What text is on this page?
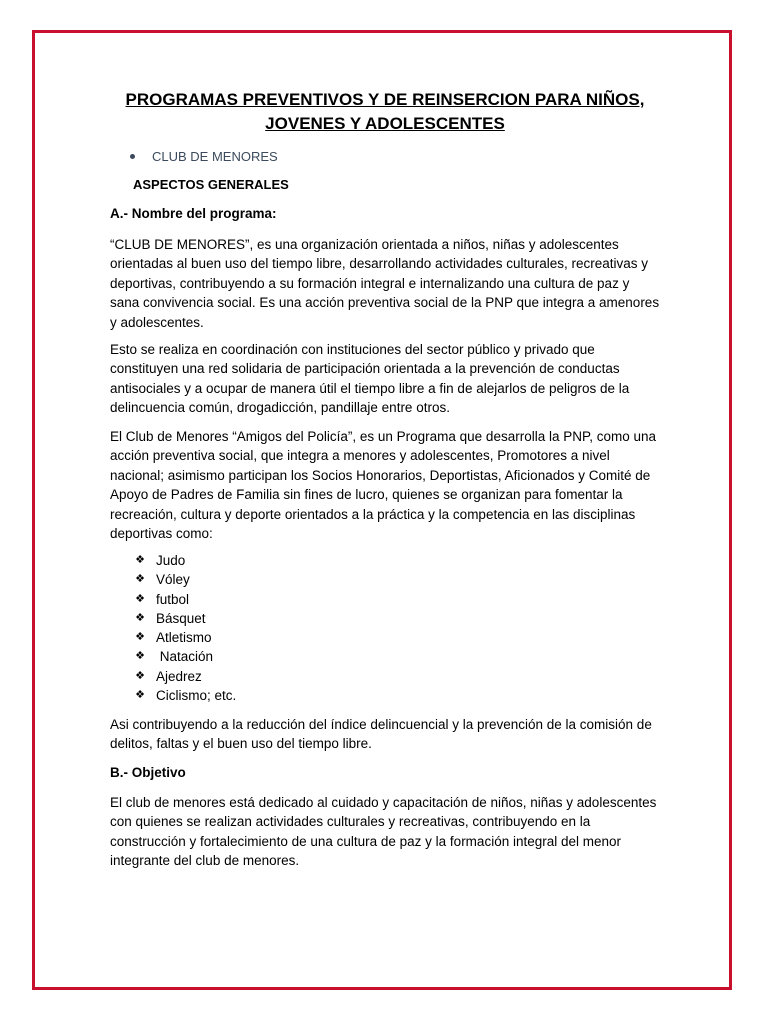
PROGRAMAS PREVENTIVOS Y DE REINSERCION PARA NIÑOS,

JOVENES Y ADOLESCENTES

CLUB DE MENORES
ASPECTOS GENERALES
A.- Nombre del programa:

“CLUB DE MENORES”, es una organización orientada a niños, niñas y adolescentes orientadas al buen uso del tiempo libre, desarrollando actividades culturales, recreativas y deportivas, contribuyendo a su formación integral e internalizando una cultura de paz y sana convivencia social. Es una acción preventiva social de la PNP que integra a amenores y adolescentes.

Esto se realiza en coordinación con instituciones del sector público y privado que constituyen una red solidaria de participación orientada a la prevención de conductas antisociales y a ocupar de manera útil el tiempo libre a fin de alejarlos de peligros de la delincuencia común, drogadicción, pandillaje entre otros.

El Club de Menores “Amigos del Policía”, es un Programa que desarrolla la PNP, como una acción preventiva social, que integra a menores y adolescentes, Promotores a nivel nacional; asimismo participan los Socios Honorarios, Deportistas, Aficionados y Comité de Apoyo de Padres de Familia sin fines de lucro, quienes se organizan para fomentar la recreación, cultura y deporte orientados a la práctica y la competencia en las disciplinas deportivas como:

❖ Judo
❖ Vóley
❖ futbol
❖ Básquet
❖ Atletismo
❖ Natación
❖ Ajedrez
❖ Ciclismo; etc.

Asi contribuyendo a la reducción del índice delincuencial y la prevención de la comisión de delitos, faltas y el buen uso del tiempo libre.

B.- Objetivo

El club de menores está dedicado al cuidado y capacitación de niños, niñas y adolescentes con quienes se realizan actividades culturales y recreativas, contribuyendo en la construcción y fortalecimiento de una cultura de paz y la formación integral del menor integrante del club de menores.
